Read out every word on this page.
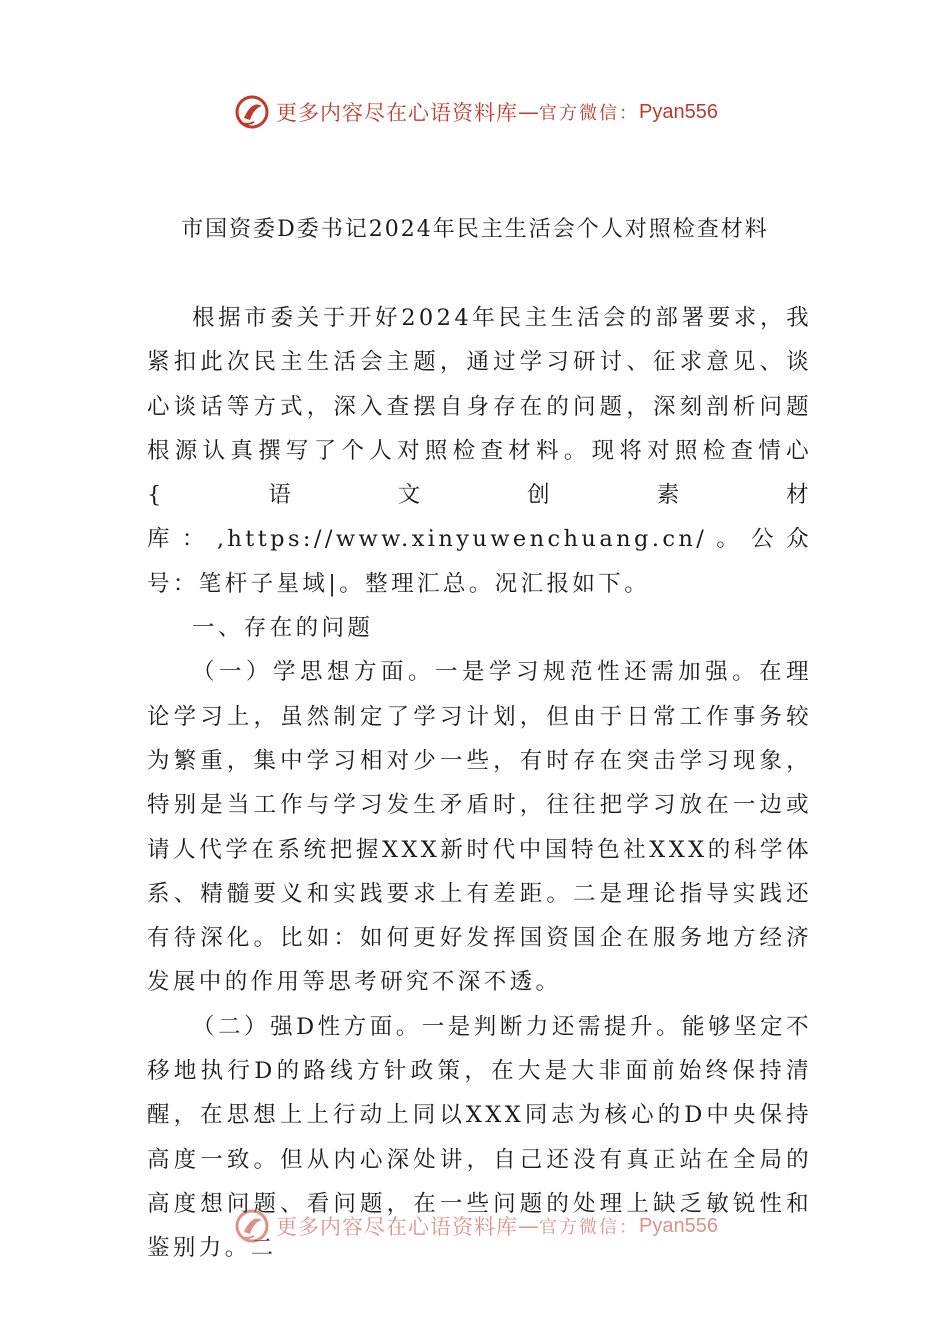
更多内容尽在心语资料库 — 官方微信： Pyan556
市国资委D委书记2024年民主生活会个人对照检查材料

根据市委关于开好2024年民主生活会的部署要求，我紧扣此次民主生活会主题，通过学习研讨、征求意见、谈心谈话等方式，深入查摆自身存在的问题，深刻剖析问题根源认真撰写了个人对照检查材料。现将对照检查情心{语文创素材库：,https://www.xinyuwenchuang.cn/。公众号：笔杆子星域|。整理汇总。况汇报如下。

一、存在的问题

（一）学思想方面。一是学习规范性还需加强。在理论学习上，虽然制定了学习计划，但由于日常工作事务较为繁重，集中学习相对少一些，有时存在突击学习现象，特别是当工作与学习发生矛盾时，往往把学习放在一边或请人代学在系统把握XXX新时代中国特色社XXX的科学体系、精髓要义和实践要求上有差距。二是理论指导实践还有待深化。比如：如何更好发挥国资国企在服务地方经济发展中的作用等思考研究不深不透。

（二）强D性方面。一是判断力还需提升。能够坚定不移地执行D的路线方针政策，在大是大非面前始终保持清醒，在思想上上行动上同以XXX同志为核心的D中央保持高度一致。但从内心深处讲，自己还没有真正站在全局的高度想问题、看问题，在一些问题的处理上缺乏敏锐性和鉴别力。二

更多内容尽在心语资料库 — 官方微信： Pyan556
